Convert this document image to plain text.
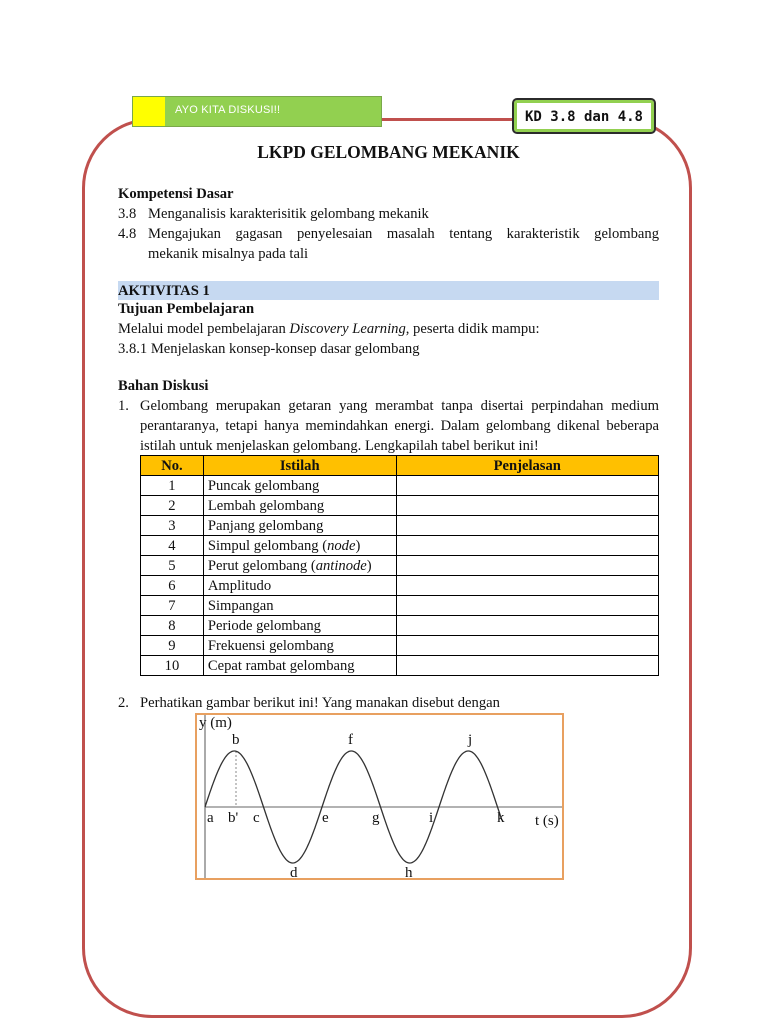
AYO KITA DISKUSI!!	KD 3.8 dan 4.8
LKPD GELOMBANG MEKANIK
Kompetensi Dasar
3.8 Menganalisis karakterisitik gelombang mekanik
4.8 Mengajukan gagasan penyelesaian masalah tentang karakteristik gelombang
mekanik misalnya pada tali
AKTIVITAS 1
Tujuan Pembelajaran
Melalui model pembelajaran Discovery Learning, peserta didik mampu:
3.8.1 Menjelaskan konsep-konsep dasar gelombang
Bahan Diskusi
1. Gelombang merupakan getaran yang merambat tanpa disertai perpindahan medium
perantaranya, tetapi hanya memindahkan energi. Dalam gelombang dikenal beberapa
istilah untuk menjelaskan gelombang. Lengkapilah tabel berikut ini!
No.	Istilah	Penjelasan
1	Puncak gelombang	
2	Lembah gelombang	
3	Panjang gelombang	
4	Simpul gelombang (node)	
5	Perut gelombang (antinode)	
6	Amplitudo	
7	Simpangan	
8	Periode gelombang	
9	Frekuensi gelombang	
10	Cepat rambat gelombang	
2. Perhatikan gambar berikut ini! Yang manakan disebut dengan
y (m)
t (s)
a b' c	e	g	i	k
b	f	j
d	h
